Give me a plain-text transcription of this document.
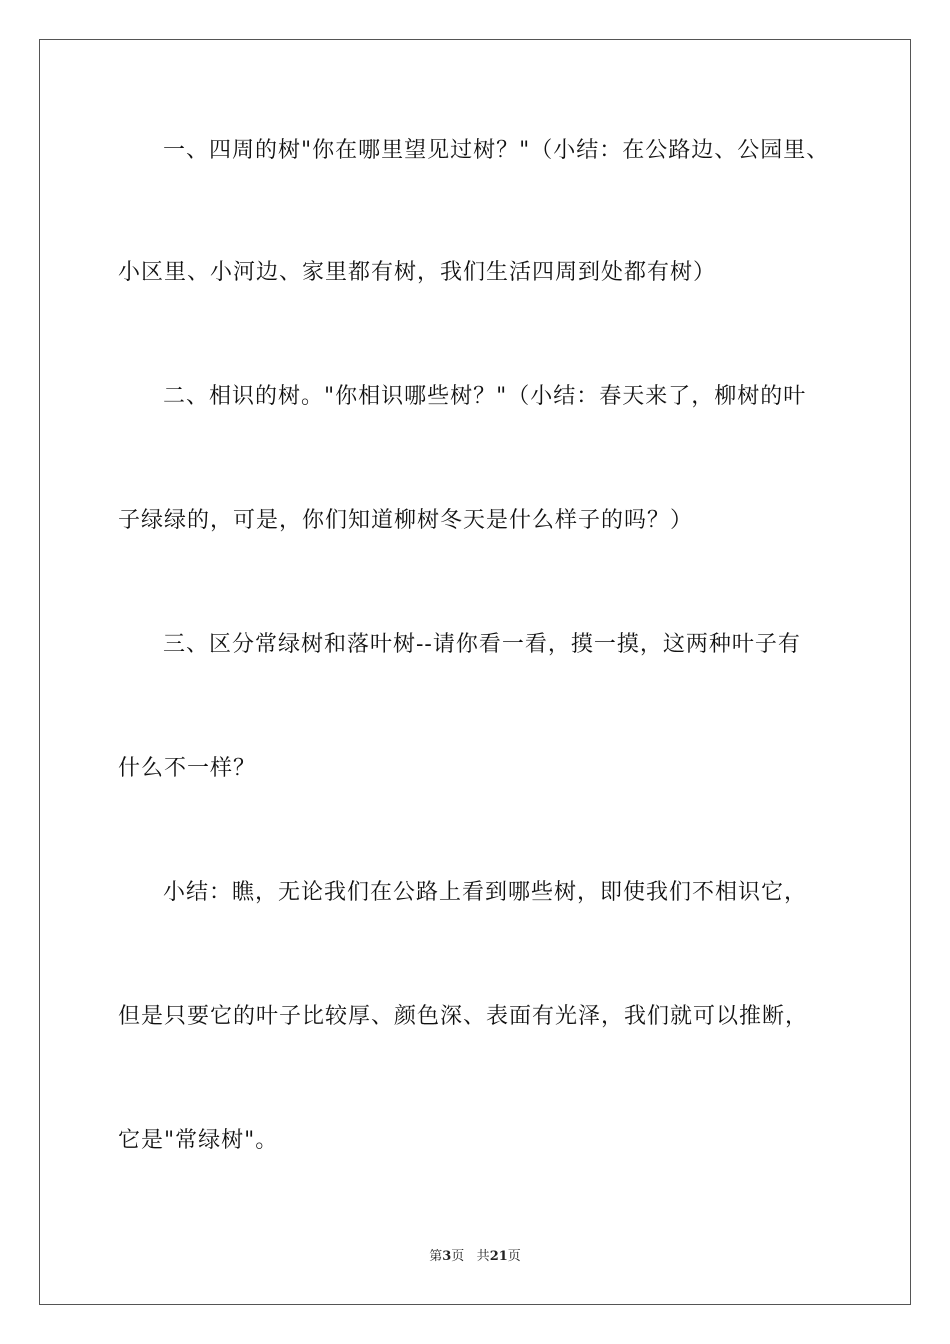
一、四周的树"你在哪里望见过树？"（小结：在公路边、公园里、
小区里、小河边、家里都有树，我们生活四周到处都有树）
二、相识的树。"你相识哪些树？"（小结：春天来了，柳树的叶
子绿绿的，可是，你们知道柳树冬天是什么样子的吗？）
三、区分常绿树和落叶树--请你看一看，摸一摸，这两种叶子有
什么不一样？
小结：瞧，无论我们在公路上看到哪些树，即使我们不相识它，
但是只要它的叶子比较厚、颜色深、表面有光泽，我们就可以推断，
它是"常绿树"。
第3页 共21页
